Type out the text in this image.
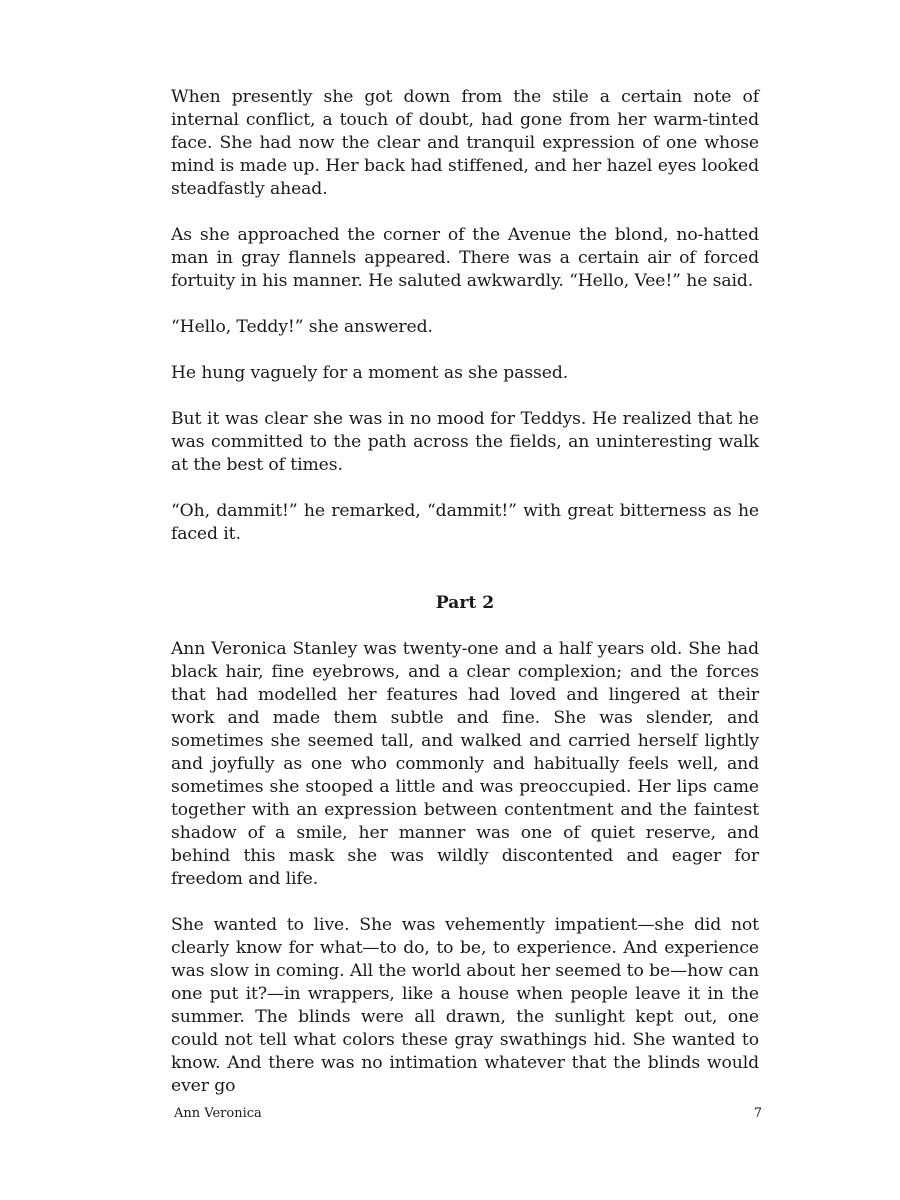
When presently she got down from the stile a certain note of internal conflict, a touch of doubt, had gone from her warm-tinted face. She had now the clear and tranquil expression of one whose mind is made up. Her back had stiffened, and her hazel eyes looked steadfastly ahead.

As she approached the corner of the Avenue the blond, no-hatted man in gray flannels appeared. There was a certain air of forced fortuity in his manner. He saluted awkwardly. “Hello, Vee!” he said.

“Hello, Teddy!” she answered.

He hung vaguely for a moment as she passed.

But it was clear she was in no mood for Teddys. He realized that he was committed to the path across the fields, an uninteresting walk at the best of times.

“Oh, dammit!” he remarked, “dammit!” with great bitterness as he faced it.

Part 2

Ann Veronica Stanley was twenty-one and a half years old. She had black hair, fine eyebrows, and a clear complexion; and the forces that had modelled her features had loved and lingered at their work and made them subtle and fine. She was slender, and sometimes she seemed tall, and walked and carried herself lightly and joyfully as one who commonly and habitually feels well, and sometimes she stooped a little and was preoccupied. Her lips came together with an expression between contentment and the faintest shadow of a smile, her manner was one of quiet reserve, and behind this mask she was wildly discontented and eager for freedom and life.

She wanted to live. She was vehemently impatient—she did not clearly know for what—to do, to be, to experience. And experience was slow in coming. All the world about her seemed to be—how can one put it?—in wrappers, like a house when people leave it in the summer. The blinds were all drawn, the sunlight kept out, one could not tell what colors these gray swathings hid. She wanted to know. And there was no intimation whatever that the blinds would ever go

Ann Veronica	7
